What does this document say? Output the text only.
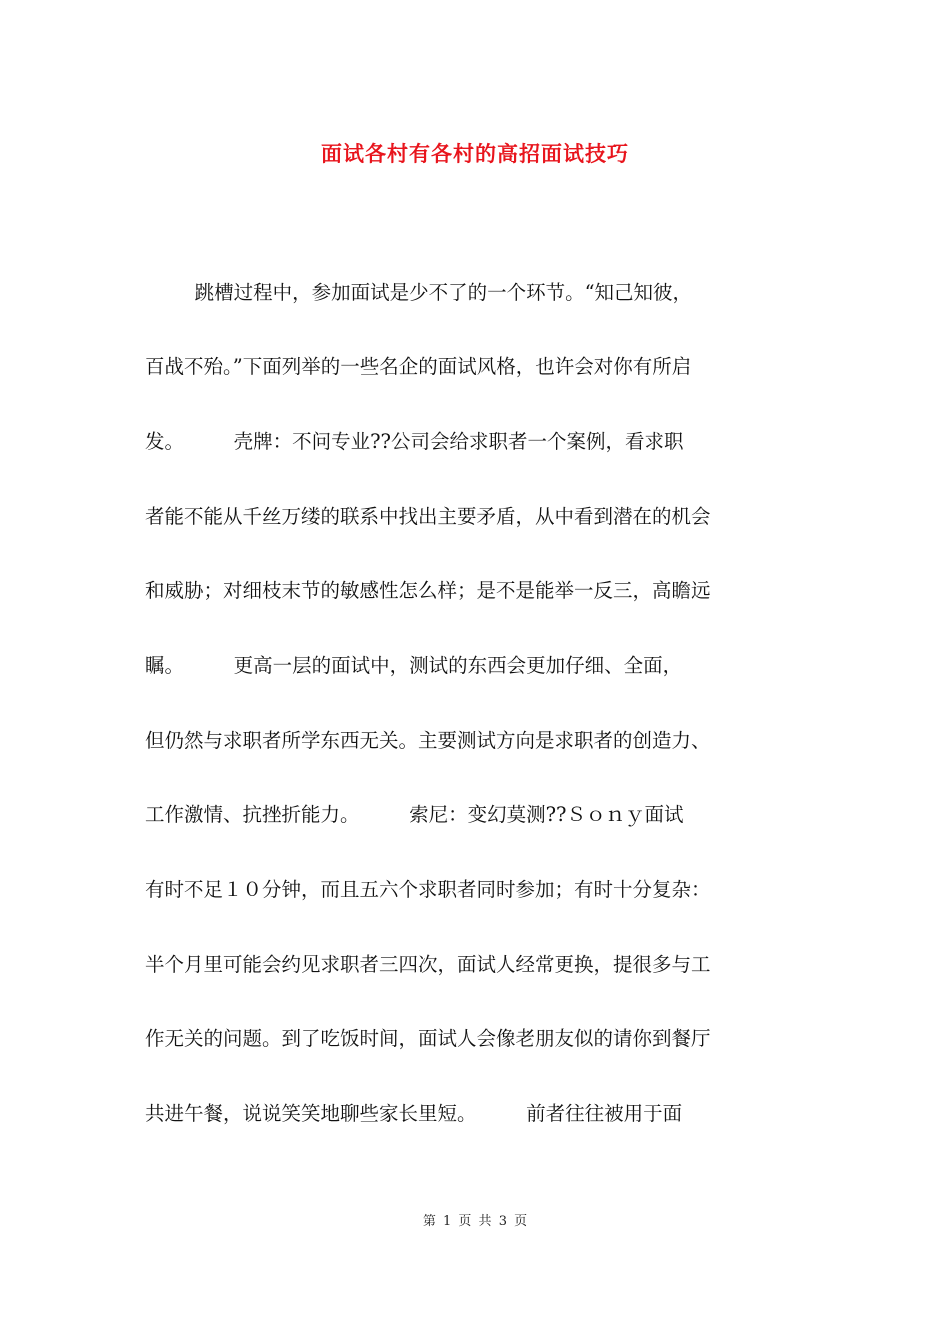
面试各村有各村的高招面试技巧
跳槽过程中，参加面试是少不了的一个环节。“知己知彼，
百战不殆。”下面列举的一些名企的面试风格，也许会对你有所启
发。        壳牌：不问专业??公司会给求职者一个案例，看求职
者能不能从千丝万缕的联系中找出主要矛盾，从中看到潜在的机会
和威胁；对细枝末节的敏感性怎么样；是不是能举一反三，高瞻远
瞩。        更高一层的面试中，测试的东西会更加仔细、全面，
但仍然与求职者所学东西无关。主要测试方向是求职者的创造力、
工作激情、抗挫折能力。        索尼：变幻莫测??Ｓｏｎｙ面试
有时不足１０分钟，而且五六个求职者同时参加；有时十分复杂：
半个月里可能会约见求职者三四次，面试人经常更换，提很多与工
作无关的问题。到了吃饭时间，面试人会像老朋友似的请你到餐厅
共进午餐，说说笑笑地聊些家长里短。        前者往往被用于面
第 1 页 共 3 页
